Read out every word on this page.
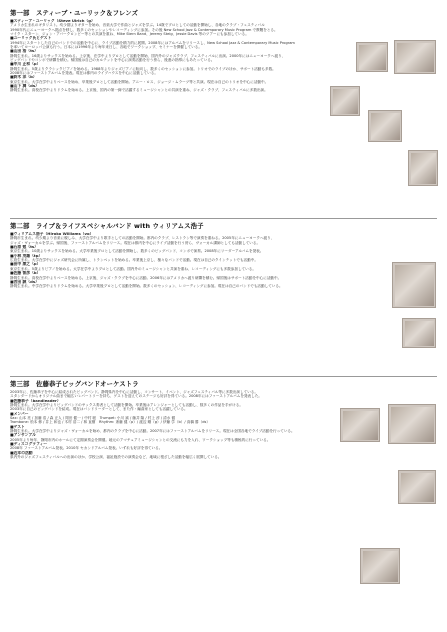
第一部　スティーブ・ユーリック＆フレンズ
■スティーブ・ユーリック（Steve Ulrich（g）
アメリカ生まれのギタリスト。幼少期よりギターを始め、音楽大学で作曲とジャズを学ぶ。14歳でプロとしての活動を開始し、各地のクラブ・フェスティバル
1990年代にニューヨークへ拠点を移し、数多くのセッションやレコーディングに参加。その後 New School Jazz & Contemporary Music Program で教鞭をとる。
マイク・スターン、ジョン・アバークロンビー等との共演を重ね、Mike Stern Band、Jeremy Steig、Jessie Davis 等のツアーにも参加している。
■ユーリック氏とゲスト
1994年にスタートした自己のバンドでの活動を中心に、ライブ活動を精力的に展開。2008年にはアルバムをリリースし、New School Jazz & Contemporary Music Program
を率いてヨーロッパ公演も行う。日本には1996年より毎年来日し、各地でワークショップ、セミナーを開催している。
■山田 浩（ts）
静岡生まれ。16歳よりサックスを始める。上京後、在学中よりプロとして活動を開始、国内外のジャズクラブ、フェスティバルに出演。2000年にはニューヨークへ渡り、
ビッグバンドやコンボで研鑽を積む。帰国後は自己のカルテットを中心に演奏活動を行う傍ら、後進の指導にもあたっている。
■中川 正和（p）
静岡生まれ。5歳よりクラシックピアノを始める。1988年よりジャズピアノに転向し、数多くのセッションに参加。トリオでのライブのほか、サポート活動も多数。
2008年にはファーストアルバムを発表。現在は都内のライブハウスを中心に活動している。
■鈴木 洋（b）
東京生まれ。大学在学中よりベースを始め、卒業後プロとして活動を開始。アニー・ロス、ジョージ・ムラーツ等と共演。現在は自己のトリオを中心に活動中。
■山下 潤（ds）
静岡生まれ。高校在学中よりドラムを始める。上京後、国内の第一線で活躍するミュージシャンとの共演を重ね、ジャズ・クラブ、フェスティバルに多数出演。
第二部　ライブ＆ライフスペシャルバンド with ウィリアムス浩子
■ウィリアムス浩子（Hiroko Williams（vo）
静岡市生まれ。幼少期より音楽に親しみ、大学在学中より歌手としての活動を開始。都内のクラブ、レストラン等で演奏を重ねる。2005年にニューヨークへ渡り、
ジャズ・ヴォーカルを学ぶ。帰国後、ファーストアルバムをリリース。現在は都内を中心にライブ活動を行う傍ら、ヴォーカル講師としても活動している。
■石原 勉（ts）
東京生まれ。10歳よりサックスを始める。大学卒業後プロとして活動を開始し、数多くのビッグバンド、コンボで演奏。2008年にリーダーアルバムを発表。
■小林 茂雄（tp）
広島生まれ。大学在学中にジャズ研究会に所属し、トランペットを始める。卒業後上京し、様々なバンドで活動。現在は自己のクインテットでも活動中。
■田中 康之（p）
東京生まれ。5歳よりピアノを始める。大学在学中よりプロとして活動。国内外のミュージシャンと共演を重ね、レコーディングにも多数参加している。
■佐藤 智彦（b）
静岡生まれ。高校在学中よりベースを始める。上京後、ジャズ・クラブを中心に活動。2006年にはアメリカへ渡り研鑽を積む。帰国後はサポート活動を中心に活動中。
■吉田 誠（ds）
静岡生まれ。中学在学中よりドラムを始める。大学卒業後プロとして活動を開始。数多くのセッション、レコーディングに参加。現在は自己のバンドでも活動している。
第三部　佐藤恭子ビッグバンドオーケストラ
2003年に、佐藤恭子を中心に結成されたビッグバンド。静岡県内を中心に活動し、コンサート、イベント、ジャズフェスティバル等に多数出演している。
スタンダードからオリジナル曲まで幅広いレパートリーを持ち、ゲストを迎えてのステージも好評を得ている。2008年にはファーストアルバムを発表した。
■佐藤恭子（bandleader）
静岡生まれ。大学在学中よりビッグバンドのサックス奏者として活動を開始。卒業後はアレンジャーとしても活動し、数多くの作品を手がける。
2003年に自己のビッグバンドを結成。現在はバンドリーダーとして、また作・編曲家としても活躍している。
■メンバー
Sax: 山本 亮 / 加藤 浩 / 森 正人 / 岡田 健一 / 中村 聡　Trumpet: 小川 誠 / 藤井 隆 / 村上 淳 / 清水 徹
Trombone: 松本 修 / 井上 和也 / 木村 浩二 / 林 直樹　Rhythm: 斎藤 健（p）/ 渡辺 剛（g）/ 伊藤 学（b）/ 高橋 勝（ds）
■ゲスト
静岡生まれ。大学在学中よりジャズ・ヴォーカルを始め、都内のクラブを中心に活動。2007年にはファーストアルバムをリリース。現在は全国各地でライブ活動を行っている。
■アンサンブル
2005年より毎年、静岡市内のホールにて定期演奏会を開催。地元のアマチュアミュージシャンとの交流にも力を入れ、ワークショップ等も積極的に行っている。
■ディスコグラフィー
2008年 ファーストアルバム発表。2010年 セカンドアルバム発表。いずれも好評を得ている。
■近年の活動
県内外のジャズフェスティバルへの出演のほか、学校公演、福祉施設での演奏会など、地域に根ざした活動を幅広く展開している。
